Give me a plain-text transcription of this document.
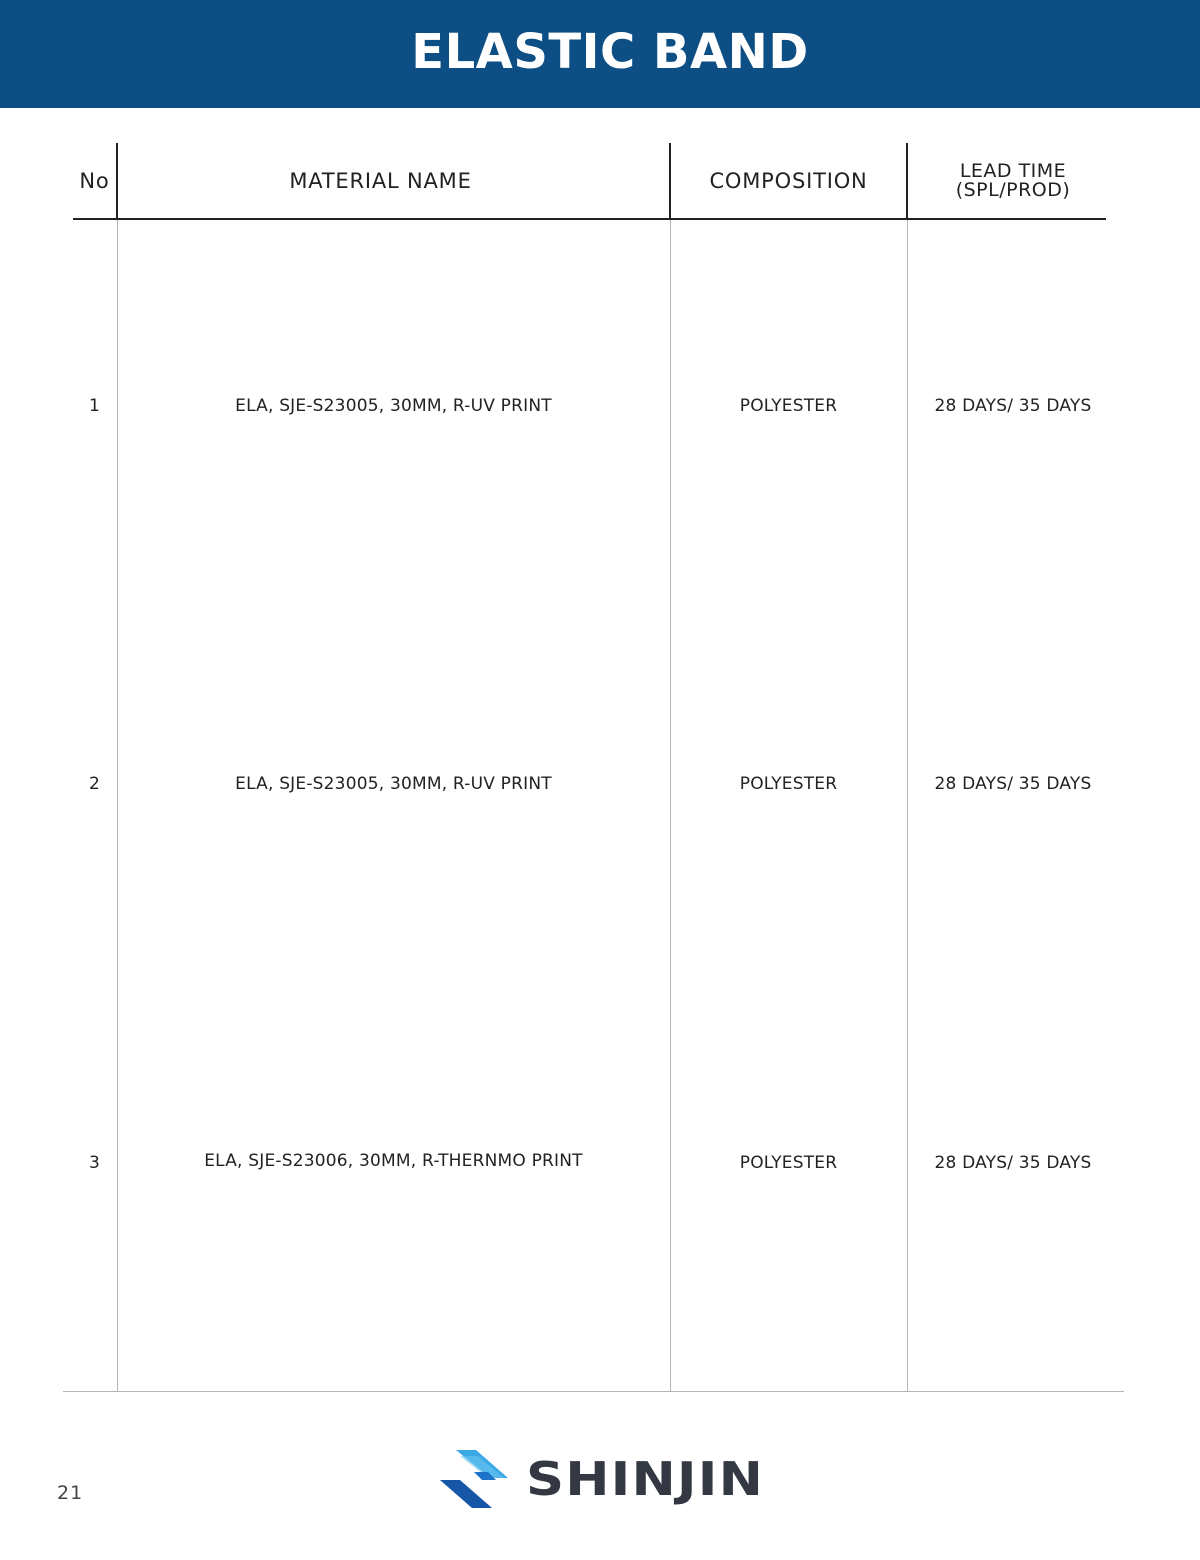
ELASTIC BAND
No	MATERIAL NAME	COMPOSITION	LEAD TIME
(SPL/PROD)
1	ELA, SJE-S23005, 30MM, R-UV PRINT	POLYESTER	28 DAYS/ 35 DAYS
2	ELA, SJE-S23005, 30MM, R-UV PRINT	POLYESTER	28 DAYS/ 35 DAYS
3	ELA, SJE-S23006, 30MM, R-THERNMO PRINT	POLYESTER	28 DAYS/ 35 DAYS
21	SHINJIN
